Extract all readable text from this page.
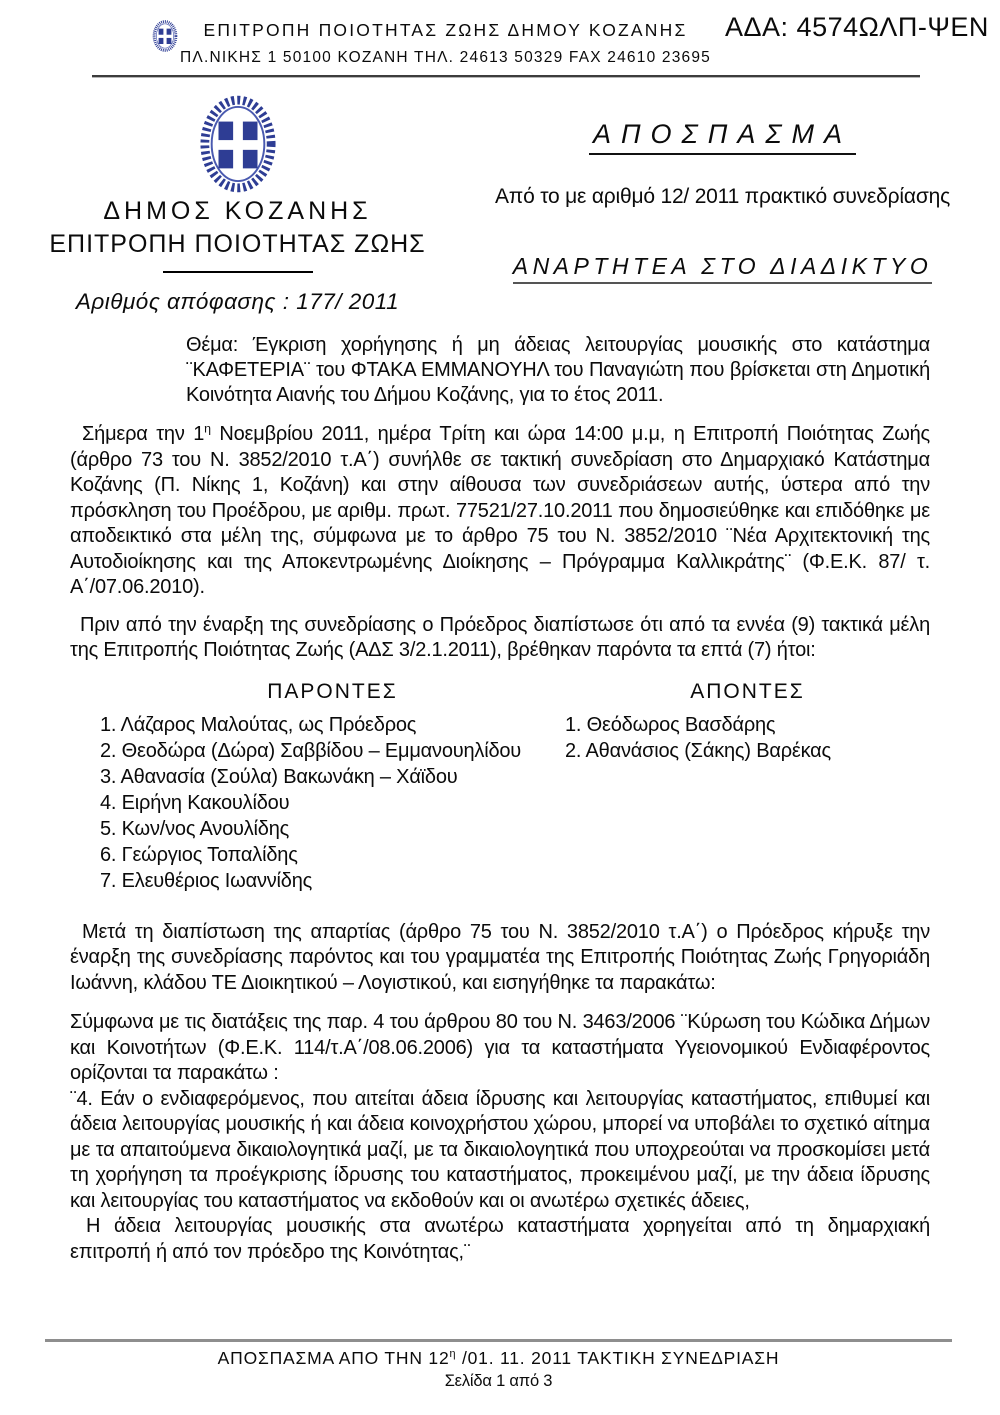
ΕΠΙΤΡΟΠΗ ΠΟΙΟΤΗΤΑΣ ΖΩΗΣ ΔΗΜΟΥ ΚΟΖΑΝΗΣ
ΠΛ.ΝΙΚΗΣ 1 50100 ΚΟΖΑΝΗ ΤΗΛ. 24613 50329 FAX 24610 23695
ΑΔΑ: 4574ΩΛΠ-ΨΕΝ
ΔΗΜΟΣ ΚΟΖΑΝΗΣ
ΕΠΙΤΡΟΠΗ ΠΟΙΟΤΗΤΑΣ ΖΩΗΣ
Αριθμός απόφασης : 177/ 2011
ΑΠΟΣΠΑΣΜΑ
Από το με αριθμό 12/ 2011 πρακτικό συνεδρίασης
ΑΝΑΡΤΗΤΕΑ ΣΤΟ ΔΙΑΔΙΚΤΥΟ
Θέμα: Έγκριση χορήγησης ή μη άδειας λειτουργίας μουσικής στο κατάστημα ¨ΚΑΦΕΤΕΡΙΑ¨ του ΦΤΑΚΑ ΕΜΜΑΝΟΥΗΛ του Παναγιώτη που βρίσκεται στη Δημοτική Κοινότητα Αιανής του Δήμου Κοζάνης, για το έτος 2011.
Σήμερα την $1^\eta$ Νοεμβρίου 2011, ημέρα Τρίτη και ώρα 14:00 μ.μ, η Επιτροπή Ποιότητας Ζωής (άρθρο 73 του Ν. 3852/2010 τ.Α΄) συνήλθε σε τακτική συνεδρίαση στο Δημαρχιακό Κατάστημα Κοζάνης (Π. Νίκης 1, Κοζάνη) και στην αίθουσα των συνεδριάσεων αυτής, ύστερα από την πρόσκληση του Προέδρου, με αριθμ. πρωτ. 77521/27.10.2011 που δημοσιεύθηκε και επιδόθηκε με αποδεικτικό στα μέλη της, σύμφωνα με το άρθρο 75 του Ν. 3852/2010 ¨Νέα Αρχιτεκτονική της Αυτοδιοίκησης και της Αποκεντρωμένης Διοίκησης – Πρόγραμμα Καλλικράτης¨ (Φ.Ε.Κ. 87/ τ. Α΄/07.06.2010).
Πριν από την έναρξη της συνεδρίασης ο Πρόεδρος διαπίστωσε ότι από τα εννέα (9) τακτικά μέλη της Επιτροπής Ποιότητας Ζωής (ΑΔΣ 3/2.1.2011), βρέθηκαν παρόντα τα επτά (7) ήτοι:
ΠΑΡΟΝΤΕΣ
1. Λάζαρος Μαλούτας, ως Πρόεδρος
2. Θεοδώρα (Δώρα) Σαββίδου – Εμμανουηλίδου
3. Αθανασία (Σούλα) Βακωνάκη – Χάϊδου
4. Ειρήνη Κακουλίδου
5. Κων/νος Ανουλίδης
6. Γεώργιος Τοπαλίδης
7. Ελευθέριος Ιωαννίδης
ΑΠΟΝΤΕΣ
1. Θεόδωρος Βασδάρης
2. Αθανάσιος (Σάκης) Βαρέκας
Μετά τη διαπίστωση της απαρτίας (άρθρο 75 του Ν. 3852/2010 τ.Α΄) ο Πρόεδρος κήρυξε την έναρξη της συνεδρίασης παρόντος και του γραμματέα της Επιτροπής Ποιότητας Ζωής Γρηγοριάδη Ιωάννη, κλάδου ΤΕ Διοικητικού – Λογιστικού, και εισηγήθηκε τα παρακάτω:
Σύμφωνα με τις διατάξεις της παρ. 4 του άρθρου 80 του Ν. 3463/2006 ¨Κύρωση του Κώδικα Δήμων και Κοινοτήτων (Φ.Ε.Κ. 114/τ.Α΄/08.06.2006) για τα καταστήματα Υγειονομικού Ενδιαφέροντος ορίζονται τα παρακάτω :
¨4. Εάν ο ενδιαφερόμενος, που αιτείται άδεια ίδρυσης και λειτουργίας καταστήματος, επιθυμεί και άδεια λειτουργίας μουσικής ή και άδεια κοινοχρήστου χώρου, μπορεί να υποβάλει το σχετικό αίτημα με τα απαιτούμενα δικαιολογητικά μαζί, με τα δικαιολογητικά που υποχρεούται να προσκομίσει μετά τη χορήγηση τα προέγκρισης ίδρυσης του καταστήματος, προκειμένου μαζί, με την άδεια ίδρυσης και λειτουργίας του καταστήματος να εκδοθούν και οι ανωτέρω σχετικές άδειες,
Η άδεια λειτουργίας μουσικής στα ανωτέρω καταστήματα χορηγείται από τη δημαρχιακή επιτροπή ή από τον πρόεδρο της Κοινότητας,¨
ΑΠΟΣΠΑΣΜΑ ΑΠΟ ΤΗΝ $12^\eta$ /01. 11. 2011 ΤΑΚΤΙΚΗ ΣΥΝΕΔΡΙΑΣΗ
Σελίδα 1 από 3
